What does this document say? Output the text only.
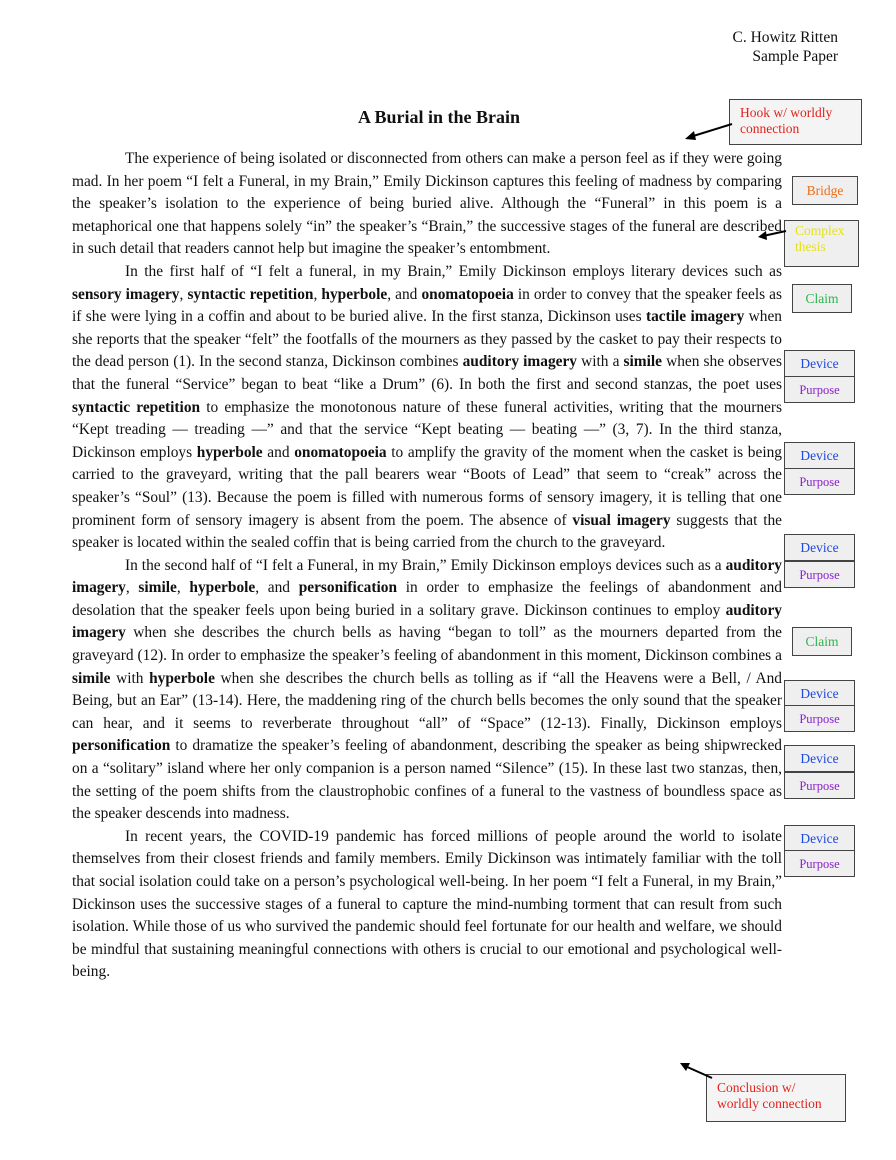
C. Howitz Ritten
Sample Paper
A Burial in the Brain

The experience of being isolated or disconnected from others can make a person feel as if they were going mad. In her poem “I felt a Funeral, in my Brain,” Emily Dickinson captures this feeling of madness by comparing the speaker’s isolation to the experience of being buried alive. Although the “Funeral” in this poem is a metaphorical one that happens solely “in” the speaker’s “Brain,” the successive stages of the funeral are described in such detail that readers cannot help but imagine the speaker’s entombment.

In the first half of “I felt a funeral, in my Brain,” Emily Dickinson employs literary devices such as sensory imagery, syntactic repetition, hyperbole, and onomatopoeia in order to convey that the speaker feels as if she were lying in a coffin and about to be buried alive. In the first stanza, Dickinson uses tactile imagery when she reports that the speaker “felt” the footfalls of the mourners as they passed by the casket to pay their respects to the dead person (1). In the second stanza, Dickinson combines auditory imagery with a simile when she observes that the funeral “Service” began to beat “like a Drum” (6). In both the first and second stanzas, the poet uses syntactic repetition to emphasize the monotonous nature of these funeral activities, writing that the mourners “Kept treading — treading —” and that the service “Kept beating — beating —” (3, 7). In the third stanza, Dickinson employs hyperbole and onomatopoeia to amplify the gravity of the moment when the casket is being carried to the graveyard, writing that the pall bearers wear “Boots of Lead” that seem to “creak” across the speaker’s “Soul” (13). Because the poem is filled with numerous forms of sensory imagery, it is telling that one prominent form of sensory imagery is absent from the poem. The absence of visual imagery suggests that the speaker is located within the sealed coffin that is being carried from the church to the graveyard.

In the second half of “I felt a Funeral, in my Brain,” Emily Dickinson employs devices such as a auditory imagery, simile, hyperbole, and personification in order to emphasize the feelings of abandonment and desolation that the speaker feels upon being buried in a solitary grave. Dickinson continues to employ auditory imagery when she describes the church bells as having “began to toll” as the mourners departed from the graveyard (12). In order to emphasize the speaker’s feeling of abandonment in this moment, Dickinson combines a simile with hyperbole when she describes the church bells as tolling as if “all the Heavens were a Bell, / And Being, but an Ear” (13-14). Here, the maddening ring of the church bells becomes the only sound that the speaker can hear, and it seems to reverberate throughout “all” of “Space” (12-13). Finally, Dickinson employs personification to dramatize the speaker’s feeling of abandonment, describing the speaker as being shipwrecked on a “solitary” island where her only companion is a person named “Silence” (15). In these last two stanzas, then, the setting of the poem shifts from the claustrophobic confines of a funeral to the vastness of boundless space as the speaker descends into madness.

In recent years, the COVID-19 pandemic has forced millions of people around the world to isolate themselves from their closest friends and family members. Emily Dickinson was intimately familiar with the toll that social isolation could take on a person’s psychological well-being. In her poem “I felt a Funeral, in my Brain,” Dickinson uses the successive stages of a funeral to capture the mind-numbing torment that can result from such isolation. While those of us who survived the pandemic should feel fortunate for our health and welfare, we should be mindful that sustaining meaningful connections with others is crucial to our emotional and psychological well-being.

Hook w/ worldly connection
Bridge
Complex thesis
Claim
Device
Purpose
Device
Purpose
Device
Purpose
Claim
Device
Purpose
Device
Purpose
Device
Purpose
Conclusion w/ worldly connection
